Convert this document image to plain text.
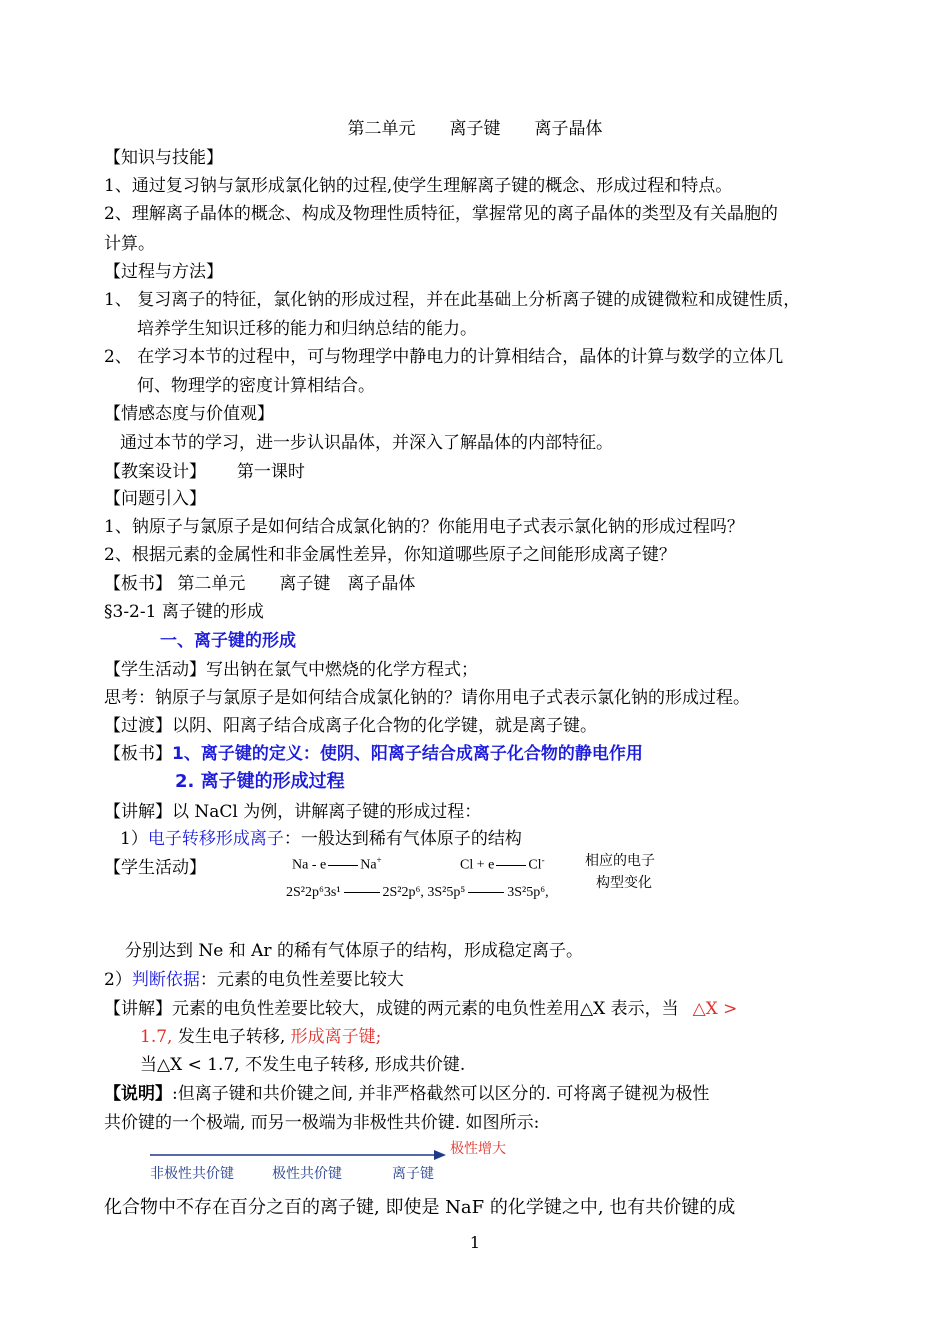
第二单元　　离子键　　离子晶体
【知识与技能】
1、通过复习钠与氯形成氯化钠的过程,使学生理解离子键的概念、形成过程和特点。
2、理解离子晶体的概念、构成及物理性质特征，掌握常见的离子晶体的类型及有关晶胞的
计算。
【过程与方法】
1、 复习离子的特征，氯化钠的形成过程，并在此基础上分析离子键的成键微粒和成键性质，
培养学生知识迁移的能力和归纳总结的能力。
2、 在学习本节的过程中，可与物理学中静电力的计算相结合，晶体的计算与数学的立体几
何、物理学的密度计算相结合。
【情感态度与价值观】
通过本节的学习，进一步认识晶体，并深入了解晶体的内部特征。
【教案设计】　　 第一课时
【问题引入】
1、钠原子与氯原子是如何结合成氯化钠的？你能用电子式表示氯化钠的形成过程吗？
2、根据元素的金属性和非金属性差异，你知道哪些原子之间能形成离子键？
【板书】 第二单元　　离子键　离子晶体
§3-2-1 离子键的形成
一、离子键的形成
【学生活动】写出钠在氯气中燃烧的化学方程式；
思考：钠原子与氯原子是如何结合成氯化钠的？请你用电子式表示氯化钠的形成过程。
【过渡】以阴、阳离子结合成离子化合物的化学键，就是离子键。
【板书】1、离子键的定义：使阴、阳离子结合成离子化合物的静电作用
2. 离子键的形成过程
【讲解】以 NaCl 为例，讲解离子键的形成过程：
1）电子转移形成离子：一般达到稀有气体原子的结构
【学生活动】	Na - e Na+	Cl + e Cl-	相应的电子
构型变化
2S²2p⁶3s¹	2S²2p⁶, 3S²5p⁵	3S²5p⁶,
分别达到 Ne 和 Ar 的稀有气体原子的结构，形成稳定离子。
2）判断依据：元素的电负性差要比较大
【讲解】元素的电负性差要比较大，成键的两元素的电负性差用△X 表示，当 △X >
1.7, 发生电子转移, 形成离子键;
当△X < 1.7, 不发生电子转移, 形成共价键.
【说明】:但离子键和共价键之间, 并非严格截然可以区分的. 可将离子键视为极性
共价键的一个极端, 而另一极端为非极性共价键. 如图所示:
极性增大
非极性共价键	极性共价键	离子键
化合物中不存在百分之百的离子键, 即使是 NaF 的化学键之中, 也有共价键的成
1
